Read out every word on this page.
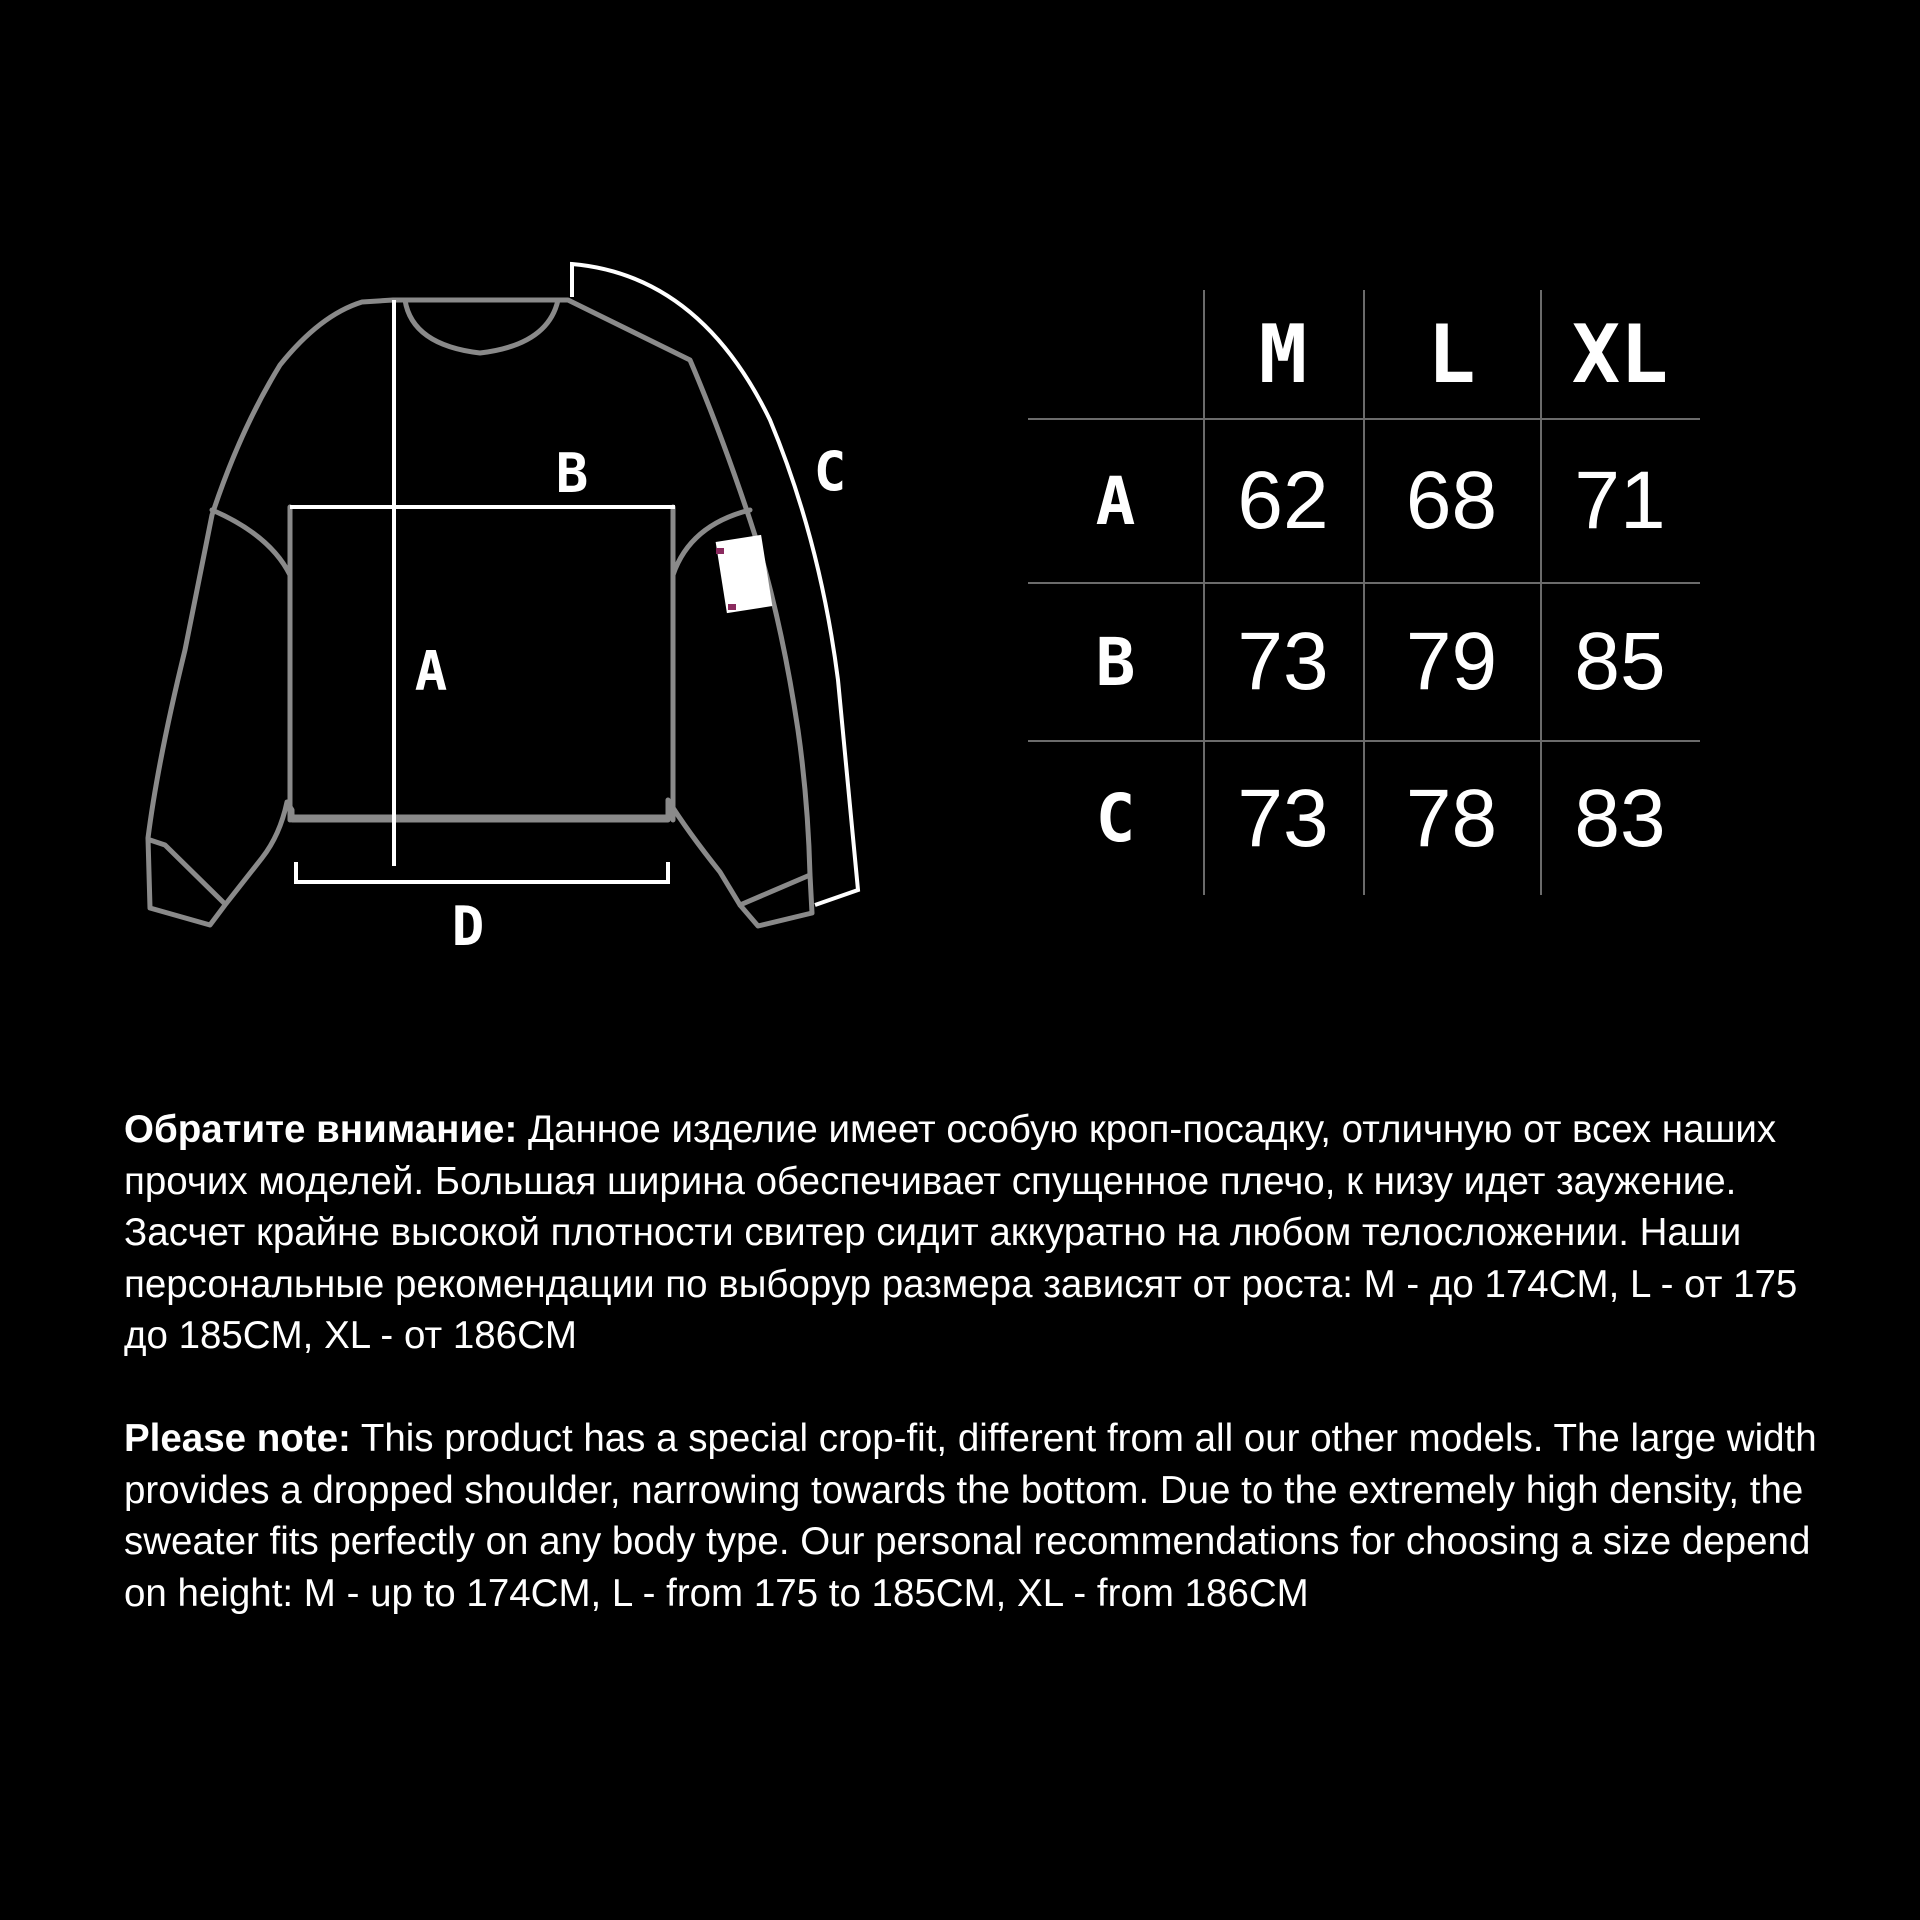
B	C
A
D
M	L	XL
A	62 68 71
B	73 79 85
C	73 78 83

Обратите внимание: Данное изделие имеет особую кроп-посадку, отличную от всех наших прочих моделей. Большая ширина обеспечивает спущенное плечо, к низу идет заужение. Засчет крайне высокой плотности свитер сидит аккуратно на любом телосложении. Наши персональные рекомендации по выборур размера зависят от роста: M - до 174CM, L - от 175 до 185CM, XL - от 186CM

Please note: This product has a special crop-fit, different from all our other models. The large width provides a dropped shoulder, narrowing towards the bottom. Due to the extremely high density, the sweater fits perfectly on any body type. Our personal recommendations for choosing a size depend on height: M - up to 174CM, L - from 175 to 185CM, XL - from 186CM
